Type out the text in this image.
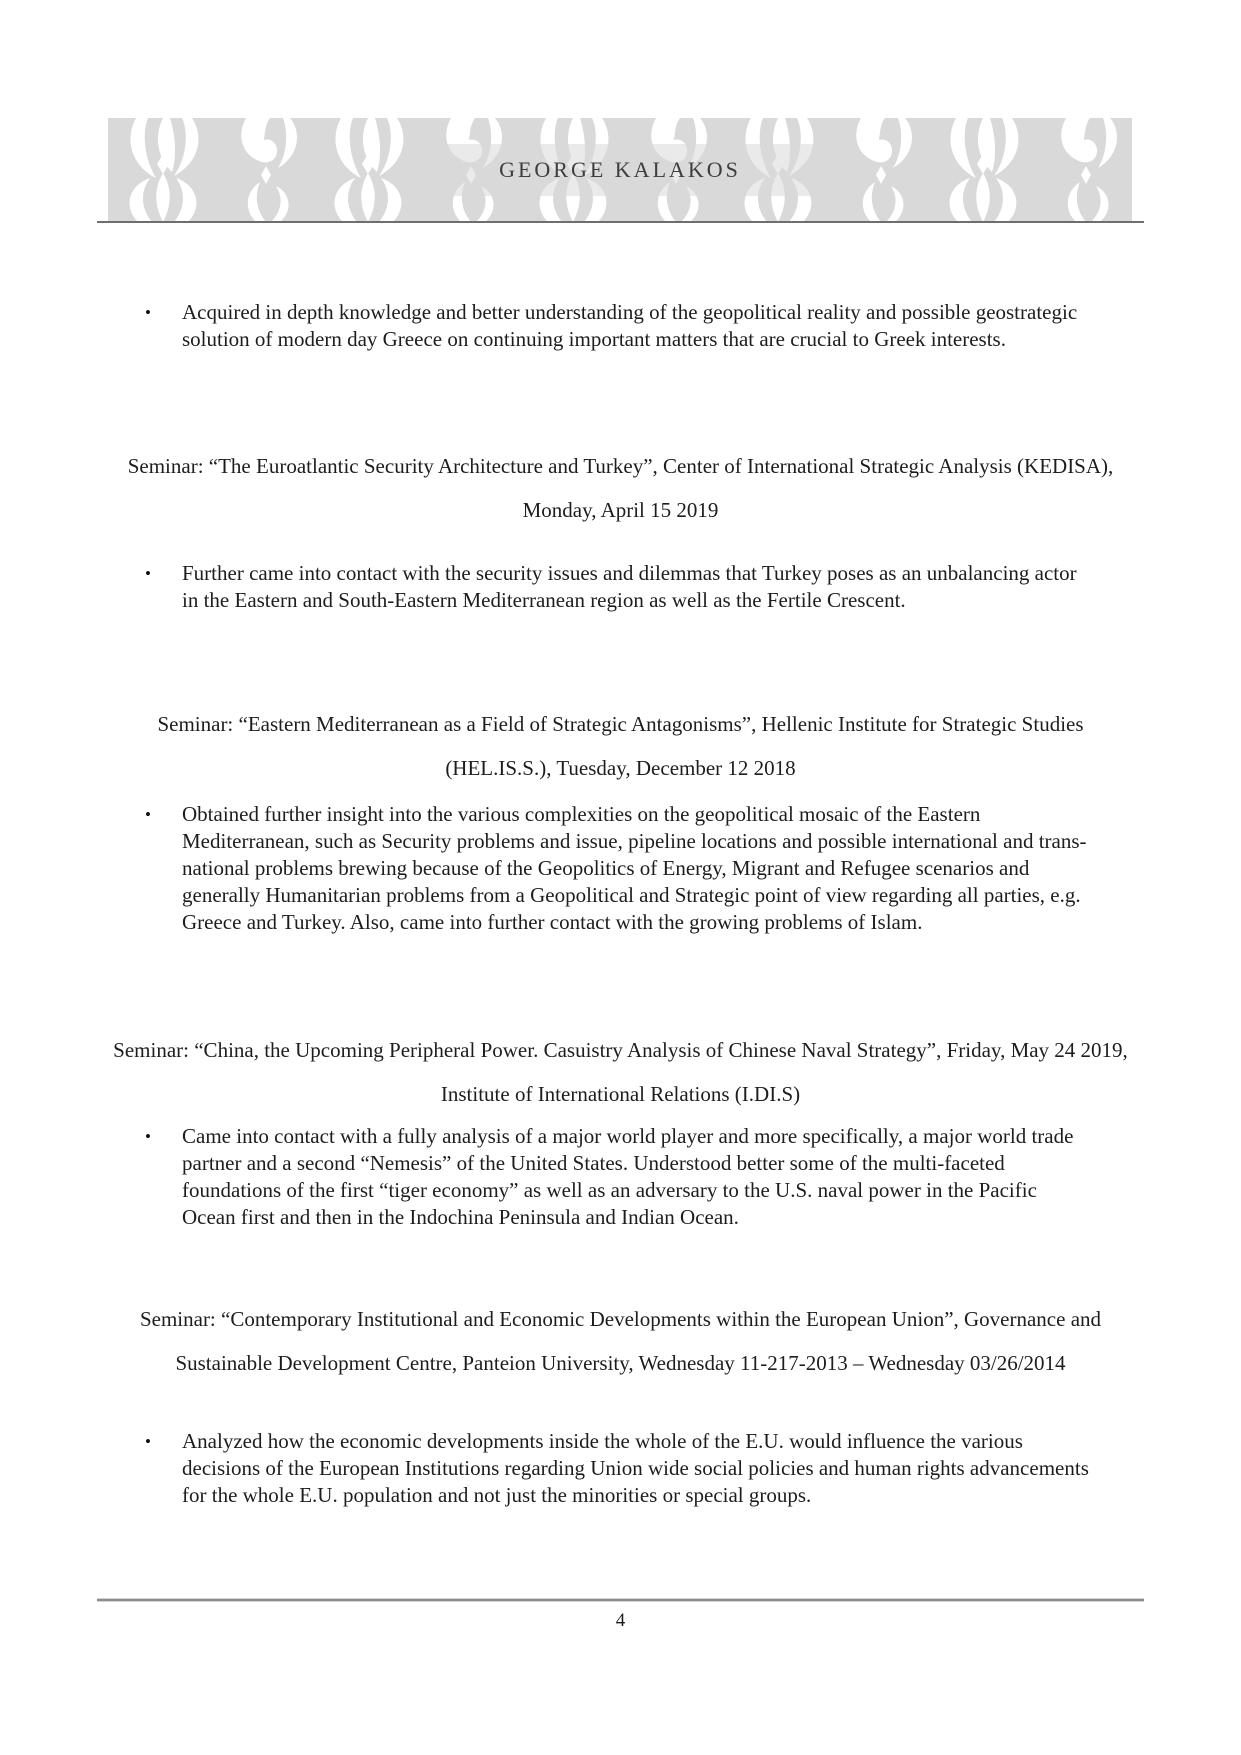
GEORGE KALAKOS
•	Acquired in depth knowledge and better understanding of the geopolitical reality and possible geostrategic solution of modern day Greece on continuing important matters that are crucial to Greek interests.

Seminar: “The Euroatlantic Security Architecture and Turkey”, Center of International Strategic Analysis (KEDISA), Monday, April 15 2019
•	Further came into contact with the security issues and dilemmas that Turkey poses as an unbalancing actor in the Eastern and South-Eastern Mediterranean region as well as the Fertile Crescent.

Seminar: “Eastern Mediterranean as a Field of Strategic Antagonisms”, Hellenic Institute for Strategic Studies (HEL.IS.S.), Tuesday, December 12 2018
•	Obtained further insight into the various complexities on the geopolitical mosaic of the Eastern Mediterranean, such as Security problems and issue, pipeline locations and possible international and trans-national problems brewing because of the Geopolitics of Energy, Migrant and Refugee scenarios and generally Humanitarian problems from a Geopolitical and Strategic point of view regarding all parties, e.g. Greece and Turkey. Also, came into further contact with the growing problems of Islam.

Seminar: “China, the Upcoming Peripheral Power. Casuistry Analysis of Chinese Naval Strategy”, Friday, May 24 2019, Institute of International Relations (I.DI.S)
•	Came into contact with a fully analysis of a major world player and more specifically, a major world trade partner and a second “Nemesis” of the United States. Understood better some of the multi-faceted foundations of the first “tiger economy” as well as an adversary to the U.S. naval power in the Pacific Ocean first and then in the Indochina Peninsula and Indian Ocean.

Seminar: “Contemporary Institutional and Economic Developments within the European Union”, Governance and Sustainable Development Centre, Panteion University, Wednesday 11-217-2013 – Wednesday 03/26/2014
•	Analyzed how the economic developments inside the whole of the E.U. would influence the various decisions of the European Institutions regarding Union wide social policies and human rights advancements for the whole E.U. population and not just the minorities or special groups.

4
